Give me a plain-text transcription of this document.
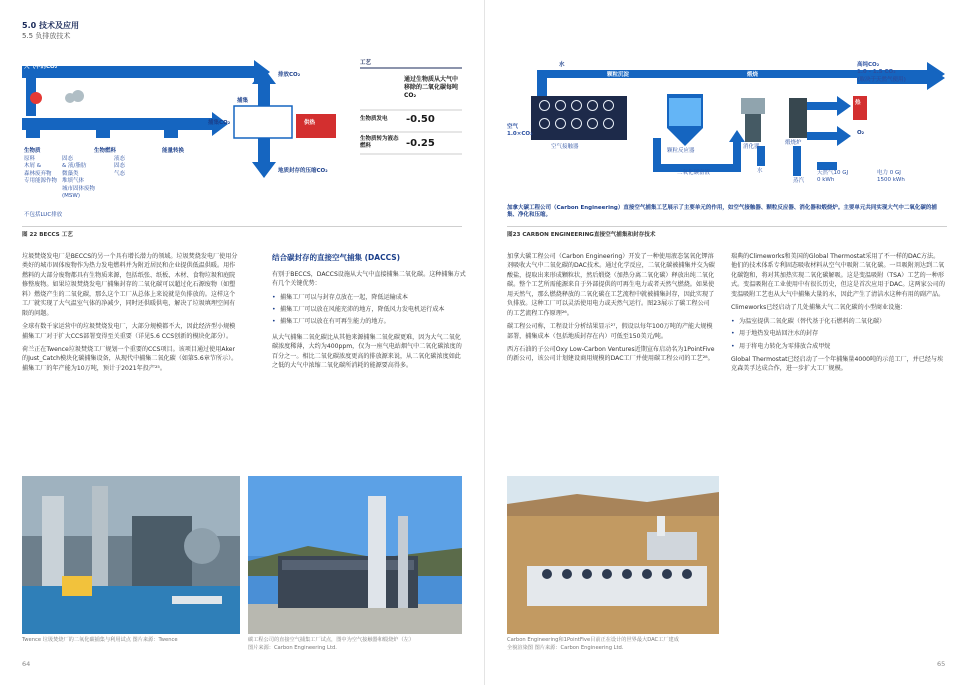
5.0 技术及应用
5.5 负排放技术
大气中的CO₂
生物质
原料
木屑 &
森林废弃物
专用能源作物
生物燃料
固态
& 液/脂肪
微藻类
堆填气体
城市固体废物
(MSW)
能量转换
液态
固态
气态
捕集CO₂
排放CO₂
捕集
供热
地质封存的压缩CO₂
不包括LUC排放
工艺
通过生物质从大气中移除的二氧化碳每吨 CO₂
生物质发电 -0.50
生物质转为液态燃料	-0.25
图 22 BECCS 工艺

垃圾焚烧发电厂是BECCS的另一个具有增长潜力的领域。垃圾焚烧发电厂使用分类好的城市固体废物作为热力发电燃料并为附近居民和企业提供低温供暖。用作燃料的大部分废物都具有生物质来源，包括纸张、纸板、木材、食物垃圾和庭院修整废物。如果垃圾焚烧发电厂捕集封存的二氧化碳可以超过化石源废物（如塑料）燃烧产生的二氧化碳，那么这个工厂从总体上来说就是负排放的。这样这个工厂就实现了大气温室气体的净减少，同时还供暖供电，解决了垃圾填埋空间有限的问题。

全球有数千家运营中的垃圾焚烧发电厂，大部分规模都不大，因此经济型小规模捕集工厂对于扩大CCS部署变得至关重要（详见5.6 CCS创新的模块化部分）。

荷兰正在Twence垃圾焚烧工厂规划一个重要的CCS项目。该项目通过使用Aker的Just_Catch模块化碳捕集设备，从现代中捕集二氧化碳（如第5.6章节所示）。捕集工厂的年产能为10万吨，预计于2021年投产²⁵。

结合碳封存的直接空气捕集 (DACCS)

有别于BECCS，DACCS设施从大气中直接捕集二氧化碳。这种捕集方式有几个关键优势：

• 捕集工厂可以与封存点放在一起，降低运输成本
• 捕集工厂可以放在风能充沛的地方，降低风力发电机运行成本
• 捕集工厂可以放在有可再生能力的地方。

从大气捕集二氧化碳比从其他来源捕集二氧化碳更难，因为大气二氧化碳浓度稀薄，大约为400ppm，仅为一座气电站烟气中二氧化碳浓度的百分之一。相比二氧化碳浓度更高的排放源来说，从二氧化碳浓度如此之低的大气中浓缩二氧化碳所消耗的能源要高得多。

Twence 垃圾焚烧厂的二氧化碳捕集与利用试点 图片来源：Twence	碳工程公司的直接空气捕集工厂试点，图中为空气接触器和煅烧炉（左）
图片来源：Carbon Engineering Ltd.
64
水
颗粒沉淀	煅烧
空气
1.0×CO₂
空气接触器
颗粒反应器
消化器
煅烧炉
二氧化碳富液
高纯CO₂
1.0 - 1.5 CO₂
(取决于天然气使用)
热
O₂
水
蒸汽
天然气10 GJ
0 kWh
电力 0 GJ
1500 kWh
加拿大碳工程公司（Carbon Engineering）直接空气捕集工艺展示了主要单元的作用，如空气接触器、颗粒反应器、消化器和煅烧炉。主要单元共同实现大气中二氧化碳的捕集、净化和压缩。
图23 CARBON ENGINEERING直接空气捕集和封存技术

加拿大碳工程公司（Carbon Engineering）开发了一种使用液态氢氧化钾溶剂吸收大气中二氧化碳的DAC技术。通过化学反应，二氧化碳被捕集并交为碳酸盐，提取出来形成颗粒状，然后煅烧（加热分离二氧化碳）释放出纯二氧化碳。整个工艺所需能源来自于外部提供的可再生电力或者天然气燃烧。如果使用天然气，那么燃烧释放的二氧化碳在工艺流程中就被捕集封存，因此实现了负排放。这种工厂可以灵活使用电力或天然气运行。图23展示了碳工程公司的工艺流程工作原理²⁶。

碳工程公司称，工程设计分析结果显示²⁷，假设以每年100万吨的产能大规模部署，捕集成本（包括地质封存在内）可低至150美元/吨。

西方石油的子公司Oxy Low-Carbon Ventures近期宣布启动名为1PointFive的新公司，该公司计划建设商用规模的DAC工厂并使用碳工程公司的工艺²⁸。

瑞典的Climeworks和美国的Global Thermostat采用了不一样的DAC方法。他们的技术体系专利固态吸收材料从空气中吸附二氧化碳。一旦吸附剂达到二氧化碳饱和，将对其加热实现二氧化碳解吸。这是变温吸附（TSA）工艺的一种形式。变温吸附在工业使用中有很长历史，但这是首次应用于DAC。这两家公司的变温吸附工艺也从大气中捕集大量的水，因此产生了清洁水这种有用的副产品。

Climeworks已经启动了几处捕集大气二氧化碳的小型商业设施：

• 为温室提供二氧化碳（替代基于化石燃料的二氧化碳）
• 用于地热发电站回注水的封存
• 用于将电力转化为零排放合成甲烷

Global Thermostat已经启动了一个年捕集量4000吨的示范工厂，并已经与埃克森美孚达成合作，进一步扩大工厂规模。

Carbon Engineering和1PointFive目前正在设计的世界最大DAC工厂建成
全貌渲染图 图片来源：Carbon Engineering Ltd.
65
